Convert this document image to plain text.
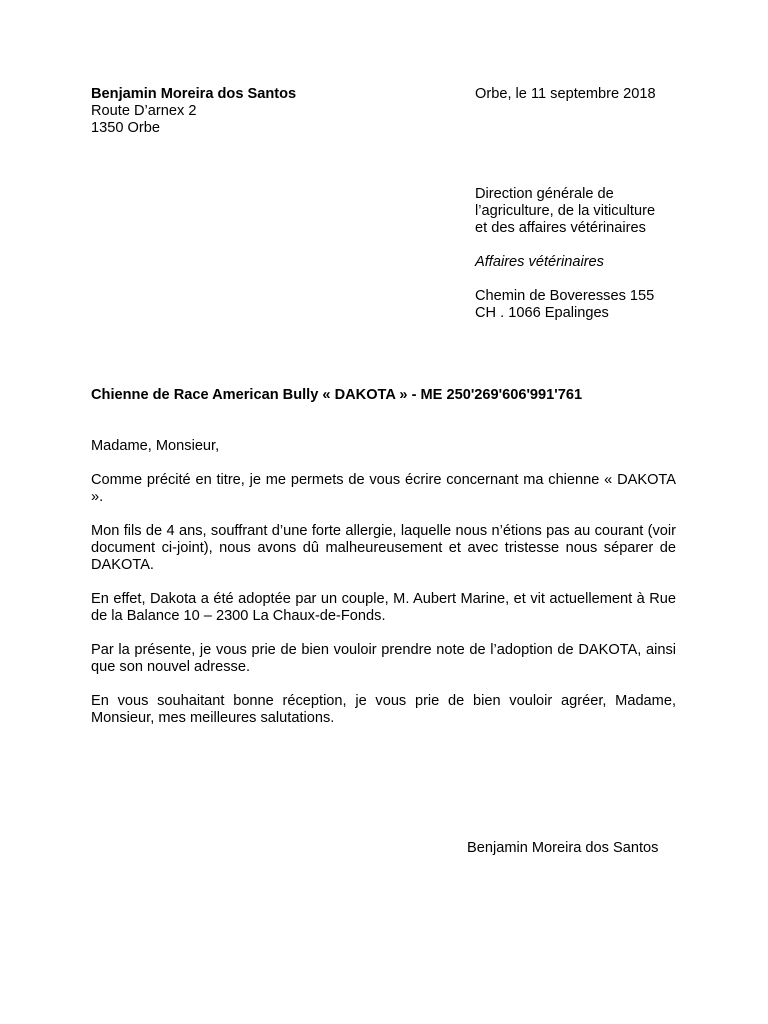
Benjamin Moreira dos Santos
Route D’arnex 2
1350 Orbe
Orbe, le 11 septembre 2018
Direction générale de
l’agriculture, de la viticulture
et des affaires vétérinaires
Affaires vétérinaires
Chemin de Boveresses 155
CH . 1066 Epalinges
Chienne de Race American Bully « DAKOTA » - ME 250'269'606'991'761

Madame, Monsieur,

Comme précité en titre, je me permets de vous écrire concernant ma chienne « DAKOTA ».

Mon fils de 4 ans, souffrant d’une forte allergie, laquelle nous n’étions pas au courant (voir document ci-joint), nous avons dû malheureusement et avec tristesse nous séparer de DAKOTA.

En effet, Dakota a été adoptée par un couple, M. Aubert Marine, et vit actuellement à Rue de la Balance 10 – 2300 La Chaux-de-Fonds.

Par la présente, je vous prie de bien vouloir prendre note de l’adoption de DAKOTA, ainsi que son nouvel adresse.

En vous souhaitant bonne réception, je vous prie de bien vouloir agréer, Madame, Monsieur, mes meilleures salutations.

Benjamin Moreira dos Santos
